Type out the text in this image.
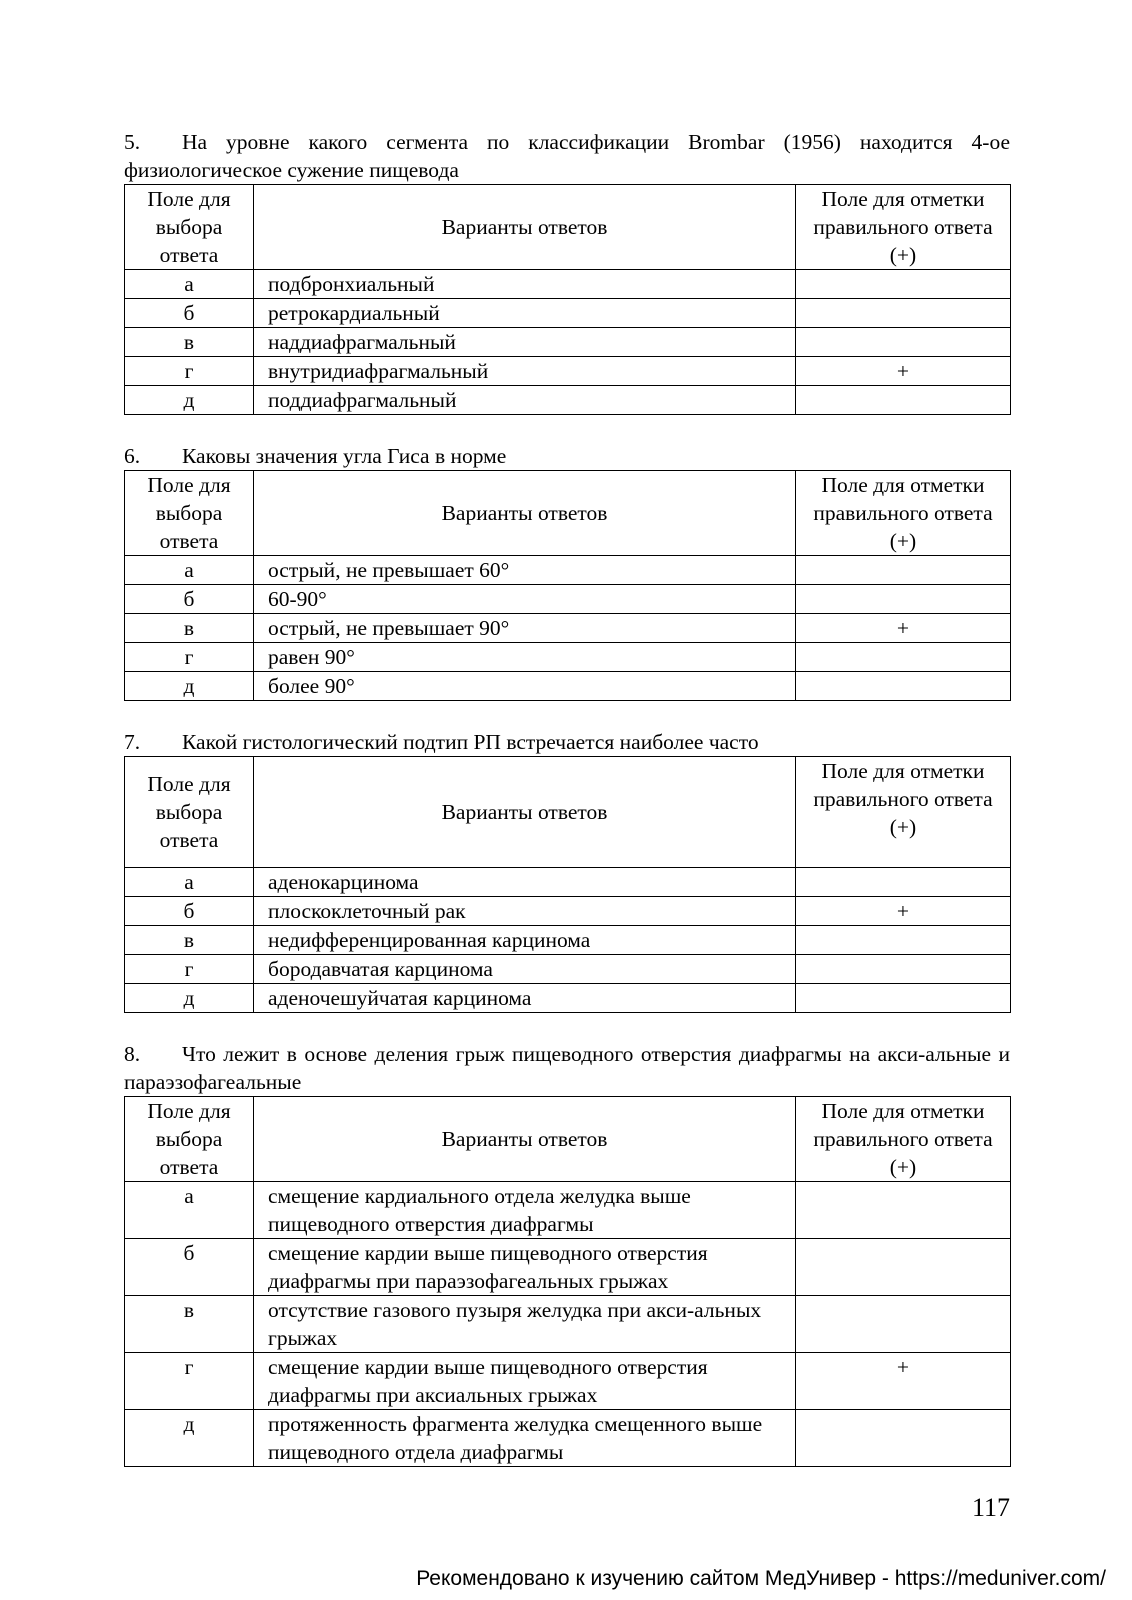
5. На уровне какого сегмента по классификации Brombar (1956) находится 4-ое физиологическое сужение пищевода

Поле для выбора ответа	Варианты ответов	Поле для отметки правильного ответа (+)
а	подбронхиальный	
б	ретрокардиальный	
в	наддиафрагмальный	
г	внутридиафрагмальный	+
д	поддиафрагмальный	

6. Каковы значения угла Гиса в норме

Поле для выбора ответа	Варианты ответов	Поле для отметки правильного ответа (+)
а	острый, не превышает 60°	
б	60-90°	
в	острый, не превышает 90°	+
г	равен 90°	
д	более 90°	

7. Какой гистологический подтип РП встречается наиболее часто

Поле для выбора ответа	Варианты ответов	Поле для отметки правильного ответа (+)
а	аденокарцинома	
б	плоскоклеточный рак	+
в	недифференцированная карцинома	
г	бородавчатая карцинома	
д	аденочешуйчатая карцинома	

8. Что лежит в основе деления грыж пищеводного отверстия диафрагмы на акси-альные и параэзофагеальные

Поле для выбора ответа	Варианты ответов	Поле для отметки правильного ответа (+)
а	смещение кардиального отдела желудка выше пищеводного отверстия диафрагмы	
б	смещение кардии выше пищеводного отверстия диафрагмы при параэзофагеальных грыжах	
в	отсутствие газового пузыря желудка при акси-альных грыжах	
г	смещение кардии выше пищеводного отверстия диафрагмы при аксиальных грыжах	+
д	протяженность фрагмента желудка смещенного выше пищеводного отдела диафрагмы	
117
Рекомендовано к изучению сайтом МедУнивер - https://meduniver.com/
